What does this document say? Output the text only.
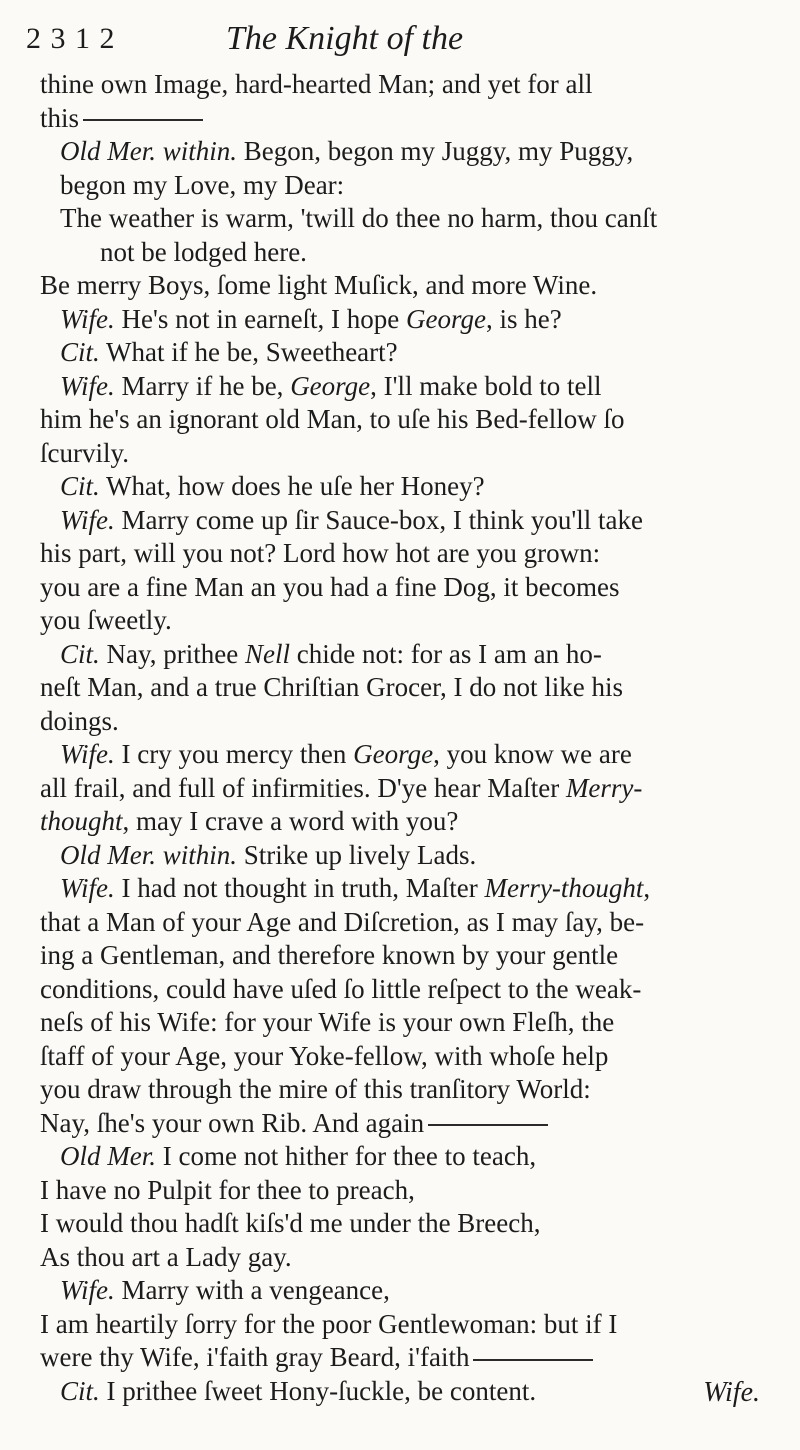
2 3 1 2	The Knight of the
thine own Image, hard-hearted Man; and yet for all
this
Old Mer. within. Begon, begon my Juggy, my Puggy,
begon my Love, my Dear:
The weather is warm, 'twill do thee no harm, thou canſt
not be lodged here.
Be merry Boys, ſome light Muſick, and more Wine.
Wife. He's not in earneſt, I hope George, is he?
Cit. What if he be, Sweetheart?
Wife. Marry if he be, George, I'll make bold to tell
him he's an ignorant old Man, to uſe his Bed-fellow ſo
ſcurvily.
Cit. What, how does he uſe her Honey?
Wife. Marry come up ſir Sauce-box, I think you'll take
his part, will you not? Lord how hot are you grown:
you are a fine Man an you had a fine Dog, it becomes
you ſweetly.
Cit. Nay, prithee Nell chide not: for as I am an ho-
neſt Man, and a true Chriſtian Grocer, I do not like his
doings.
Wife. I cry you mercy then George, you know we are
all frail, and full of infirmities. D'ye hear Maſter Merry-
thought, may I crave a word with you?
Old Mer. within. Strike up lively Lads.
Wife. I had not thought in truth, Maſter Merry-thought,
that a Man of your Age and Diſcretion, as I may ſay, be-
ing a Gentleman, and therefore known by your gentle
conditions, could have uſed ſo little reſpect to the weak-
neſs of his Wife: for your Wife is your own Fleſh, the
ſtaff of your Age, your Yoke-fellow, with whoſe help
you draw through the mire of this tranſitory World:
Nay, ſhe's your own Rib. And again
Old Mer. I come not hither for thee to teach,
I have no Pulpit for thee to preach,
I would thou hadſt kiſs'd me under the Breech,
As thou art a Lady gay.
Wife. Marry with a vengeance,
I am heartily ſorry for the poor Gentlewoman: but if I
were thy Wife, i'faith gray Beard, i'faith
Cit. I prithee ſweet Hony-ſuckle, be content.	Wife.
